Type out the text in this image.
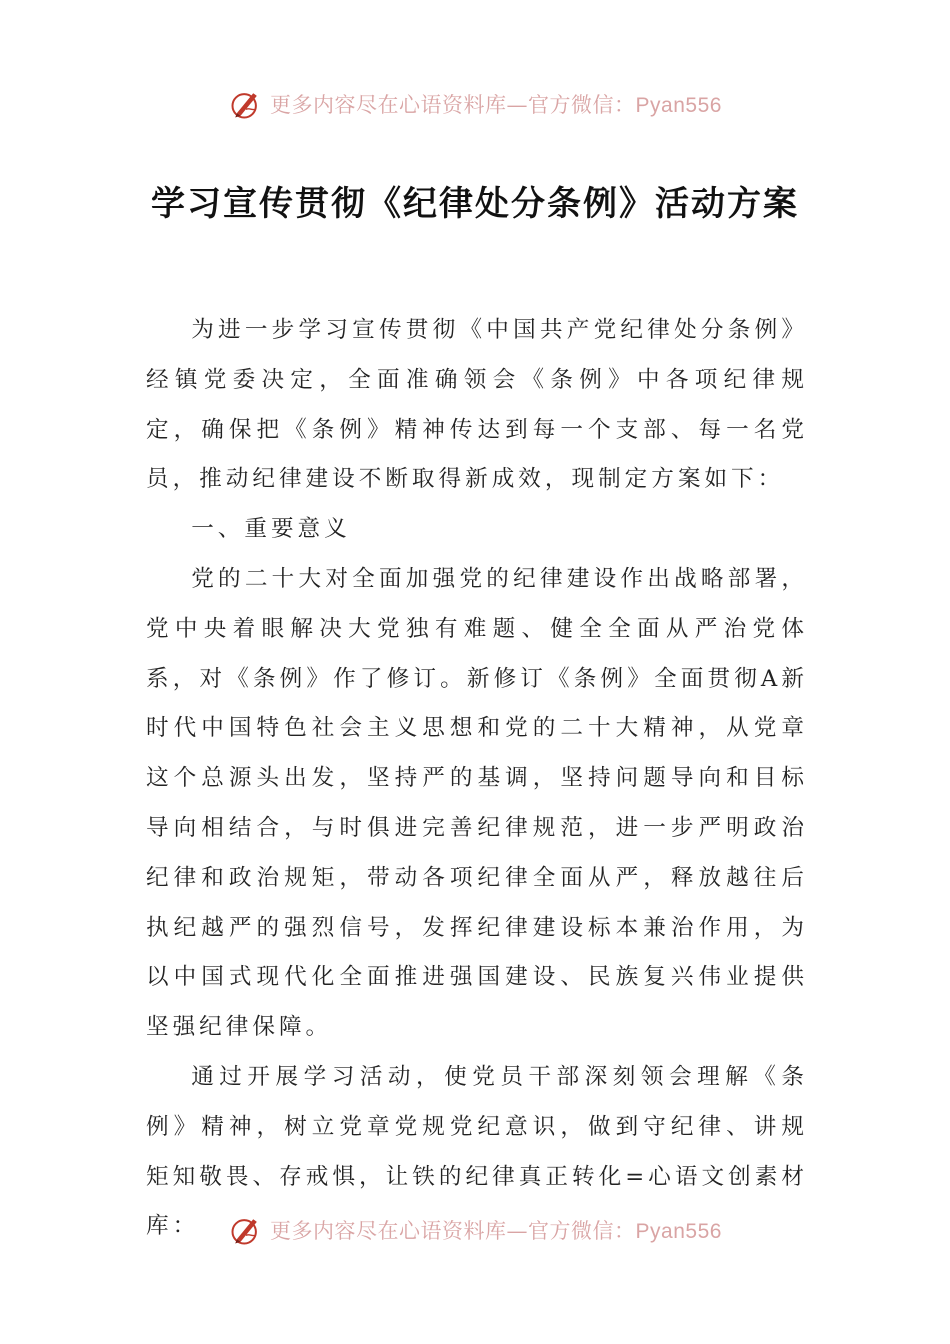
更多内容尽在心语资料库—官方微信：Pyan556
学习宣传贯彻《纪律处分条例》活动方案

为进一步学习宣传贯彻《中国共产党纪律处分条例》经镇党委决定，全面准确领会《条例》中各项纪律规定，确保把《条例》精神传达到每一个支部、每一名党员，推动纪律建设不断取得新成效，现制定方案如下：

一、重要意义

党的二十大对全面加强党的纪律建设作出战略部署，党中央着眼解决大党独有难题、健全全面从严治党体系，对《条例》作了修订。新修订《条例》全面贯彻A新时代中国特色社会主义思想和党的二十大精神，从党章这个总源头出发，坚持严的基调，坚持问题导向和目标导向相结合，与时俱进完善纪律规范，进一步严明政治纪律和政治规矩，带动各项纪律全面从严，释放越往后执纪越严的强烈信号，发挥纪律建设标本兼治作用，为以中国式现代化全面推进强国建设、民族复兴伟业提供坚强纪律保障。

通过开展学习活动，使党员干部深刻领会理解《条例》精神，树立党章党规党纪意识，做到守纪律、讲规矩知敬畏、存戒惧，让铁的纪律真正转化=心语文创素材库：	更多内容尽在心语资料库—官方微信：Pyan556
